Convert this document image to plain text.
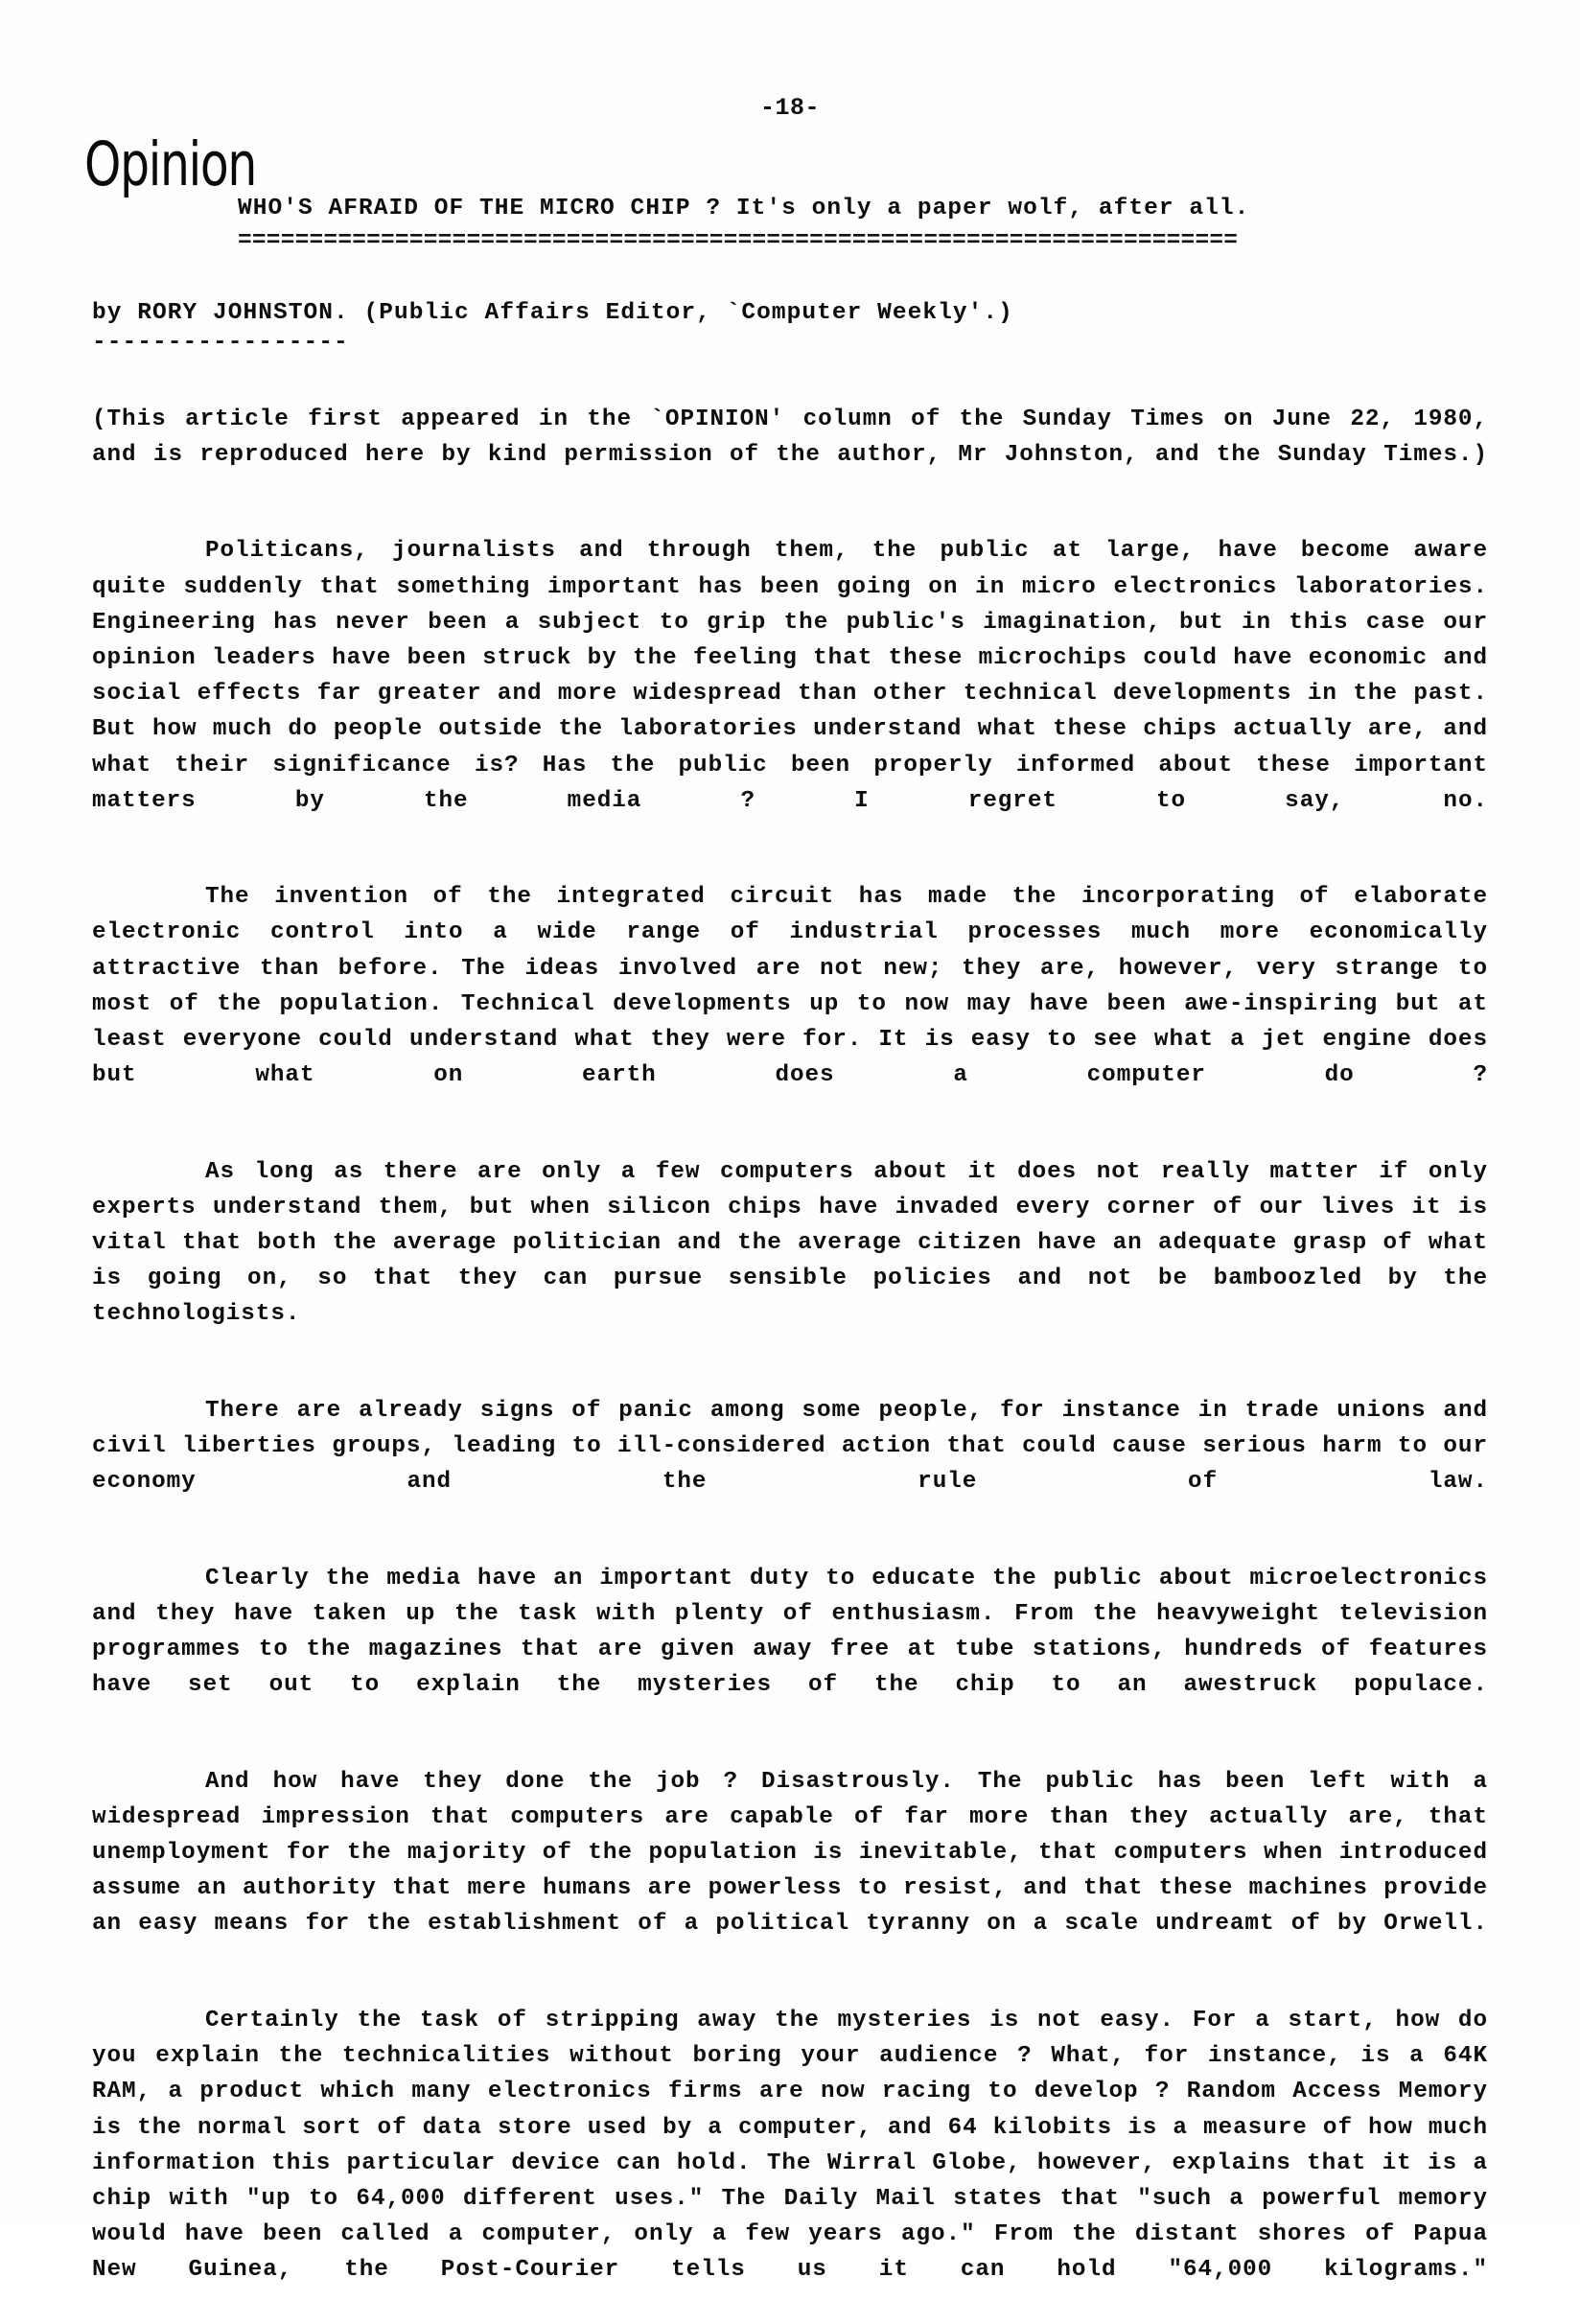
-18-
Opinion
WHO'S AFRAID OF THE MICRO CHIP ? It's only a paper wolf, after all.
======================================================================
by RORY JOHNSTON. (Public Affairs Editor, `Computer Weekly'.)
-----------------

(This article first appeared in the `OPINION' column of the Sunday Times on June 22, 1980, and is reproduced here by kind permission of the author, Mr Johnston, and the Sunday Times.)

Politicans, journalists and through them, the public at large, have become aware quite suddenly that something important has been going on in micro electronics laboratories. Engineering has never been a subject to grip the public's imagination, but in this case our opinion leaders have been struck by the feeling that these microchips could have economic and social effects far greater and more widespread than other technical developments in the past. But how much do people outside the laboratories understand what these chips actually are, and what their significance is? Has the public been properly informed about these important matters by the media ? I regret to say, no.

The invention of the integrated circuit has made the incorporating of elaborate electronic control into a wide range of industrial processes much more economically attractive than before. The ideas involved are not new; they are, however, very strange to most of the population. Technical developments up to now may have been awe-inspiring but at least everyone could understand what they were for. It is easy to see what a jet engine does but what on earth does a computer do ?

As long as there are only a few computers about it does not really matter if only experts understand them, but when silicon chips have invaded every corner of our lives it is vital that both the average politician and the average citizen have an adequate grasp of what is going on, so that they can pursue sensible policies and not be bamboozled by the technologists.

There are already signs of panic among some people, for instance in trade unions and civil liberties groups, leading to ill-considered action that could cause serious harm to our economy and the rule of law.

Clearly the media have an important duty to educate the public about microelectronics and they have taken up the task with plenty of enthusiasm. From the heavyweight television programmes to the magazines that are given away free at tube stations, hundreds of features have set out to explain the mysteries of the chip to an awestruck populace.

And how have they done the job ? Disastrously. The public has been left with a widespread impression that computers are capable of far more than they actually are, that unemployment for the majority of the population is inevitable, that computers when introduced assume an authority that mere humans are powerless to resist, and that these machines provide an easy means for the establishment of a political tyranny on a scale undreamt of by Orwell.

Certainly the task of stripping away the mysteries is not easy. For a start, how do you explain the technicalities without boring your audience ? What, for instance, is a 64K RAM, a product which many electronics firms are now racing to develop ? Random Access Memory is the normal sort of data store used by a computer, and 64 kilobits is a measure of how much information this particular device can hold. The Wirral Globe, however, explains that it is a chip with "up to 64,000 different uses." The Daily Mail states that "such a powerful memory would have been called a computer, only a few years ago." From the distant shores of Papua New Guinea, the Post-Courier tells us it can hold "64,000 kilograms."
